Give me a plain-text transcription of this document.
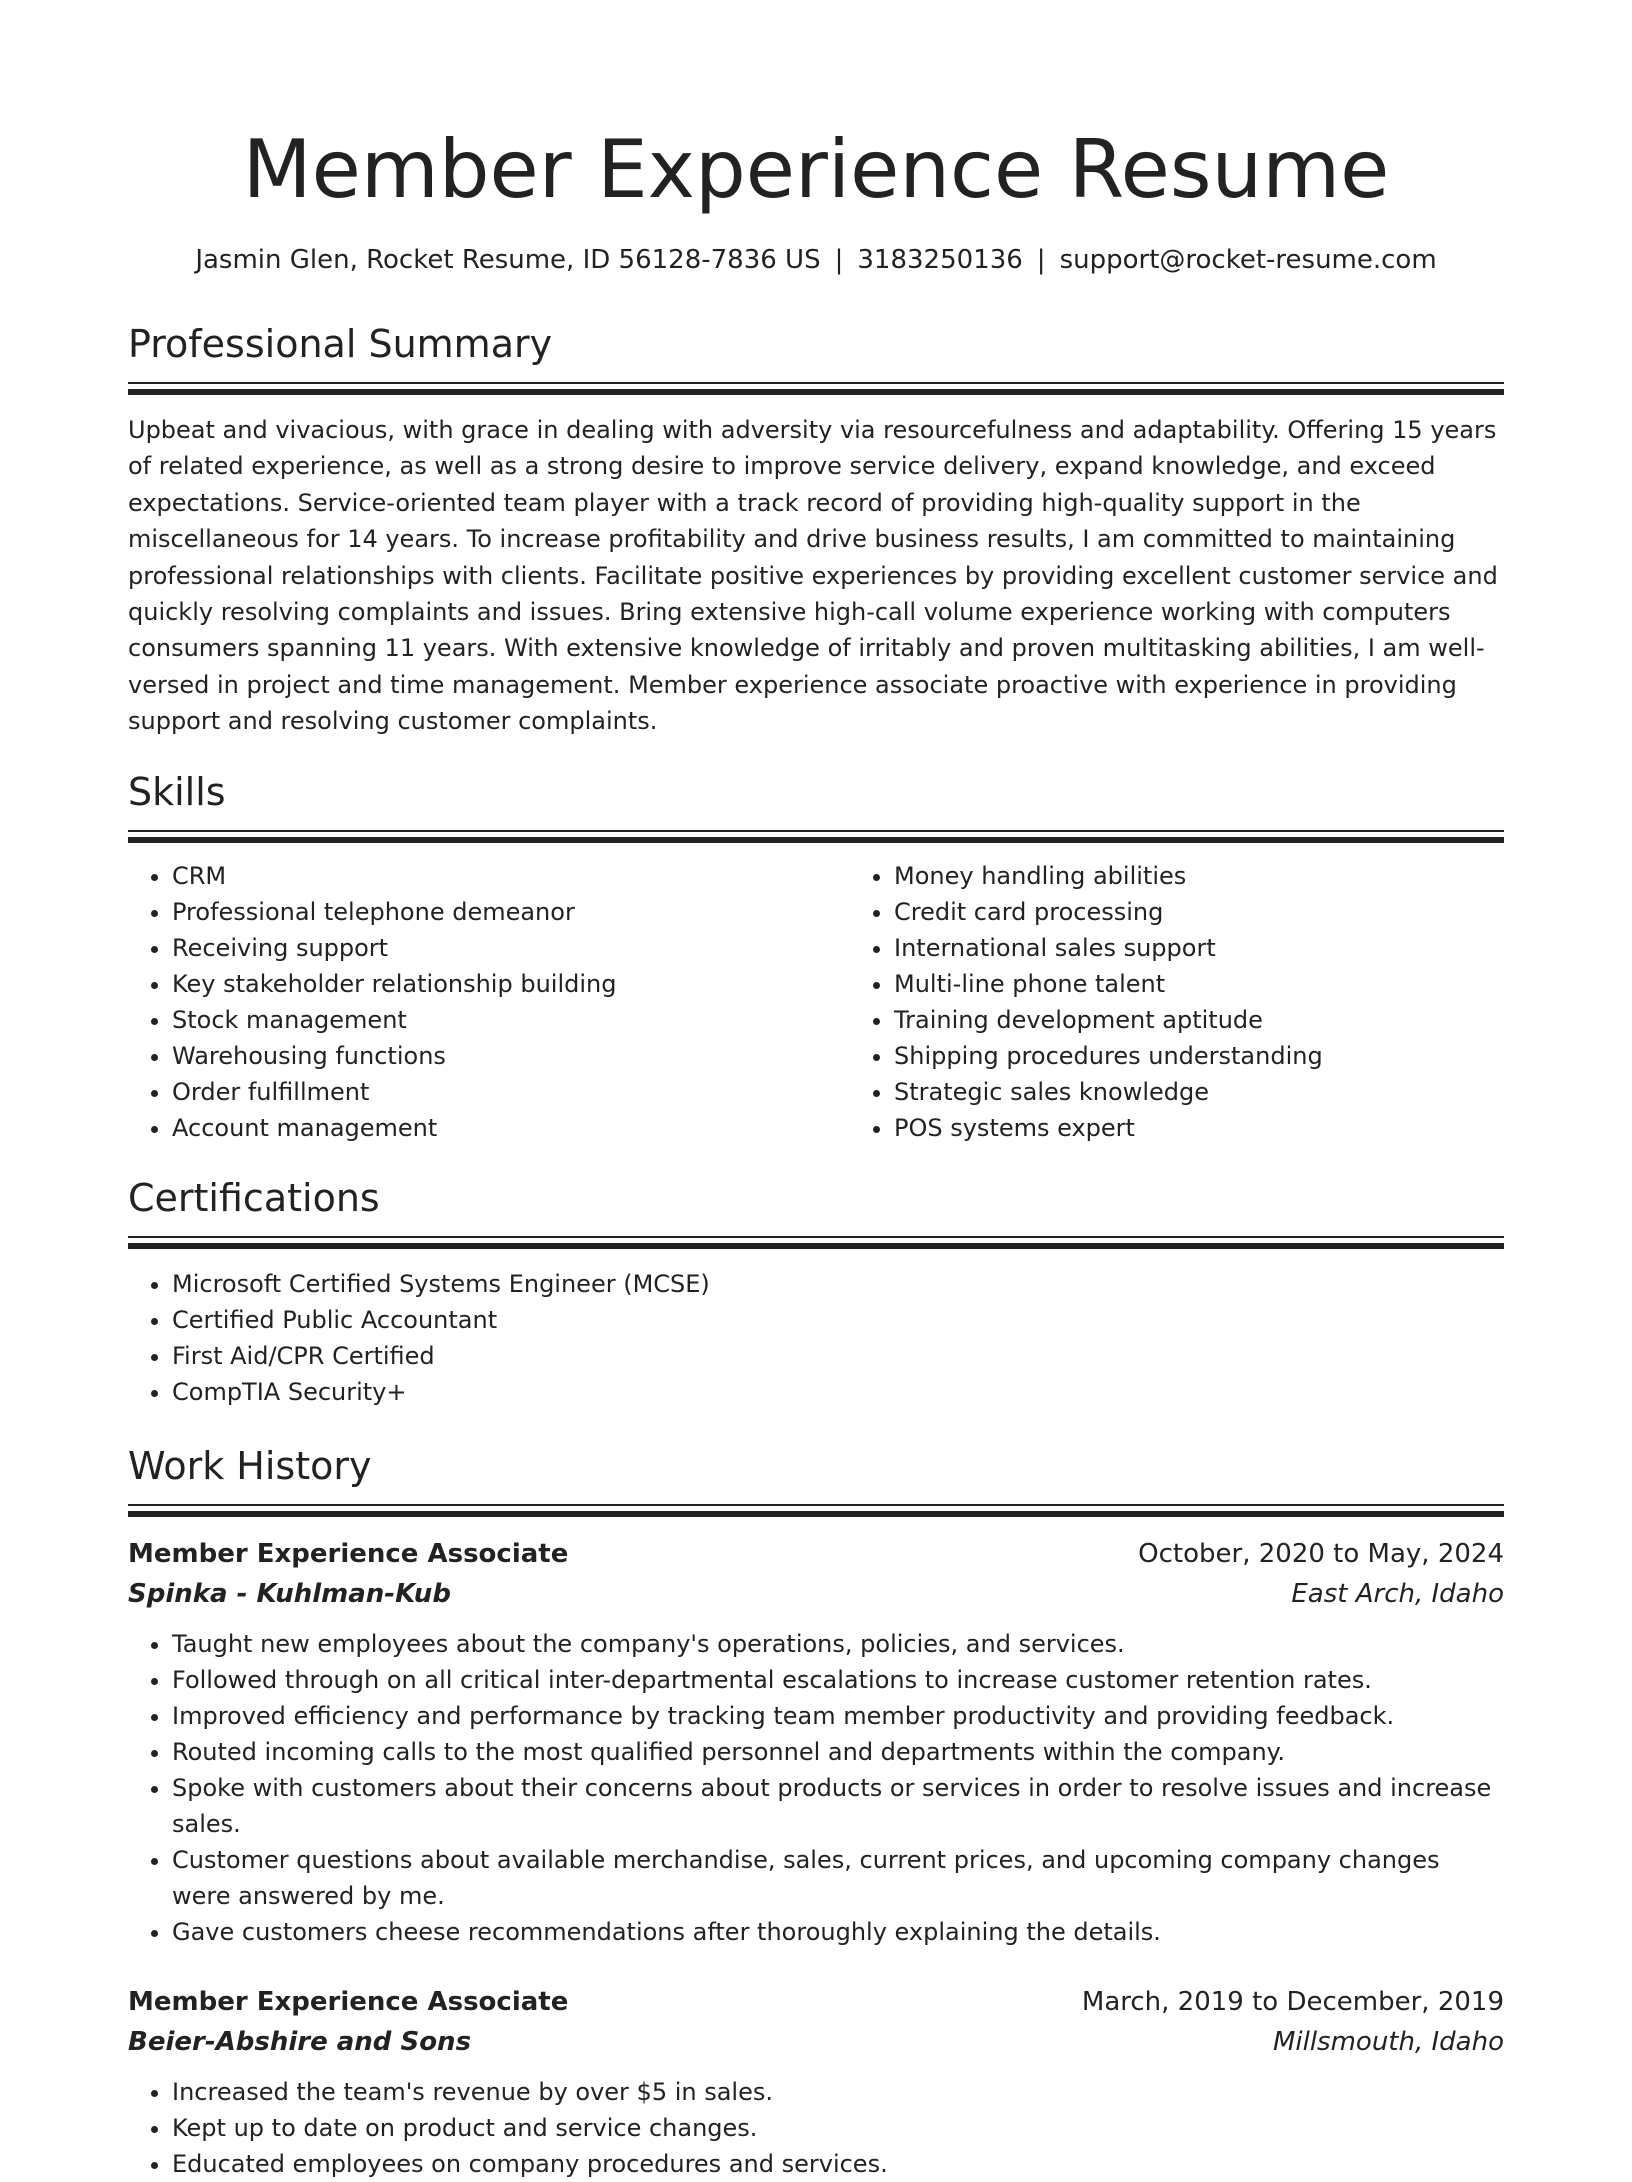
Member Experience Resume
Jasmin Glen, Rocket Resume, ID 56128-7836 US | 3183250136 | support@rocket-resume.com
Professional Summary

Upbeat and vivacious, with grace in dealing with adversity via resourcefulness and adaptability. Offering 15 years of related experience, as well as a strong desire to improve service delivery, expand knowledge, and exceed expectations. Service-oriented team player with a track record of providing high-quality support in the miscellaneous for 14 years. To increase profitability and drive business results, I am committed to maintaining professional relationships with clients. Facilitate positive experiences by providing excellent customer service and quickly resolving complaints and issues. Bring extensive high-call volume experience working with computers consumers spanning 11 years. With extensive knowledge of irritably and proven multitasking abilities, I am well-versed in project and time management. Member experience associate proactive with experience in providing support and resolving customer complaints.

Skills
• CRM
• Professional telephone demeanor
• Receiving support
• Key stakeholder relationship building
• Stock management
• Warehousing functions
• Order fulfillment
• Account management
• Money handling abilities
• Credit card processing
• International sales support
• Multi-line phone talent
• Training development aptitude
• Shipping procedures understanding
• Strategic sales knowledge
• POS systems expert
Certifications
• Microsoft Certified Systems Engineer (MCSE)
• Certified Public Accountant
• First Aid/CPR Certified
• CompTIA Security+
Work History
Member Experience Associate	October, 2020 to May, 2024
Spinka - Kuhlman-Kub	East Arch, Idaho
• Taught new employees about the company's operations, policies, and services.
• Followed through on all critical inter-departmental escalations to increase customer retention rates.
• Improved efficiency and performance by tracking team member productivity and providing feedback.
• Routed incoming calls to the most qualified personnel and departments within the company.
• Spoke with customers about their concerns about products or services in order to resolve issues and increase sales.
• Customer questions about available merchandise, sales, current prices, and upcoming company changes were answered by me.
• Gave customers cheese recommendations after thoroughly explaining the details.
Member Experience Associate	March, 2019 to December, 2019
Beier-Abshire and Sons	Millsmouth, Idaho
• Increased the team's revenue by over $5 in sales.
• Kept up to date on product and service changes.
• Educated employees on company procedures and services.
